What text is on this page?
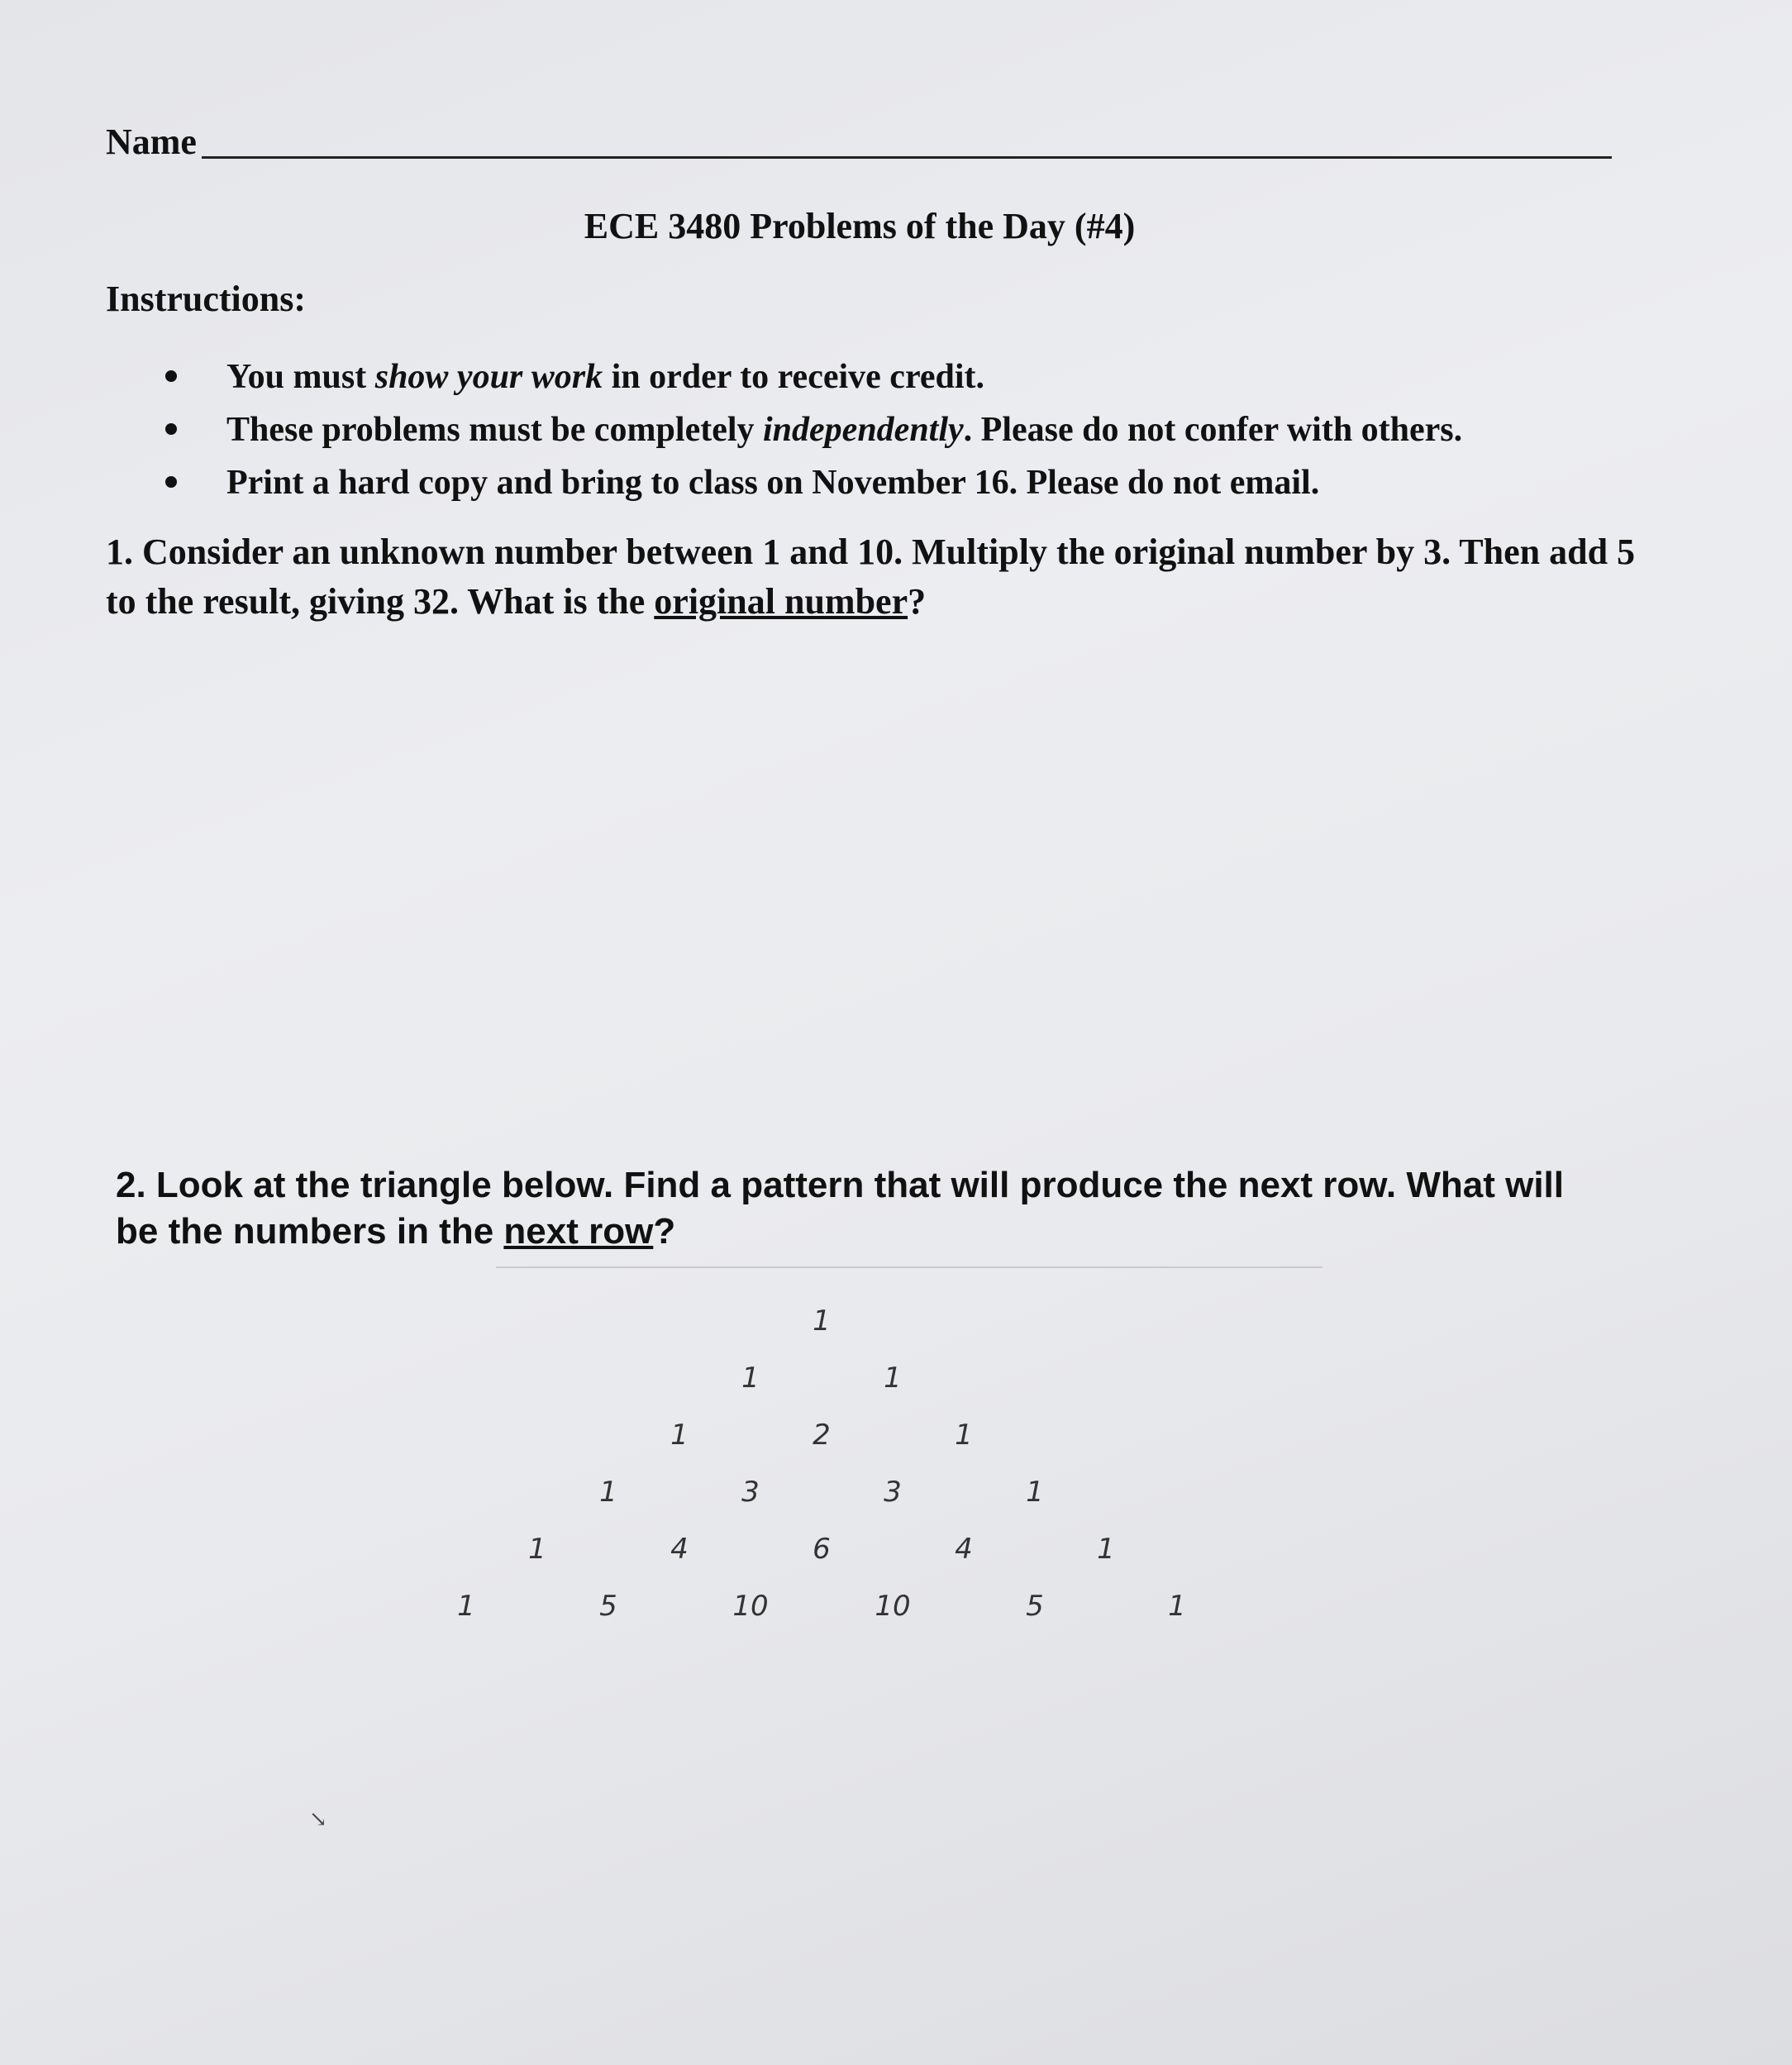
Name
ECE 3480 Problems of the Day (#4)
Instructions:
You must show your work in order to receive credit.
These problems must be completely independently. Please do not confer with others.
Print a hard copy and bring to class on November 16. Please do not email.
1. Consider an unknown number between 1 and 10. Multiply the original number by 3. Then add 5 to the result, giving 32. What is the original number?
2. Look at the triangle below. Find a pattern that will produce the next row. What will be the numbers in the next row?
1
1	1
1	2	1
1	3	3	1
1	4	6	4	1
1	5	10	10	5	1
↘
